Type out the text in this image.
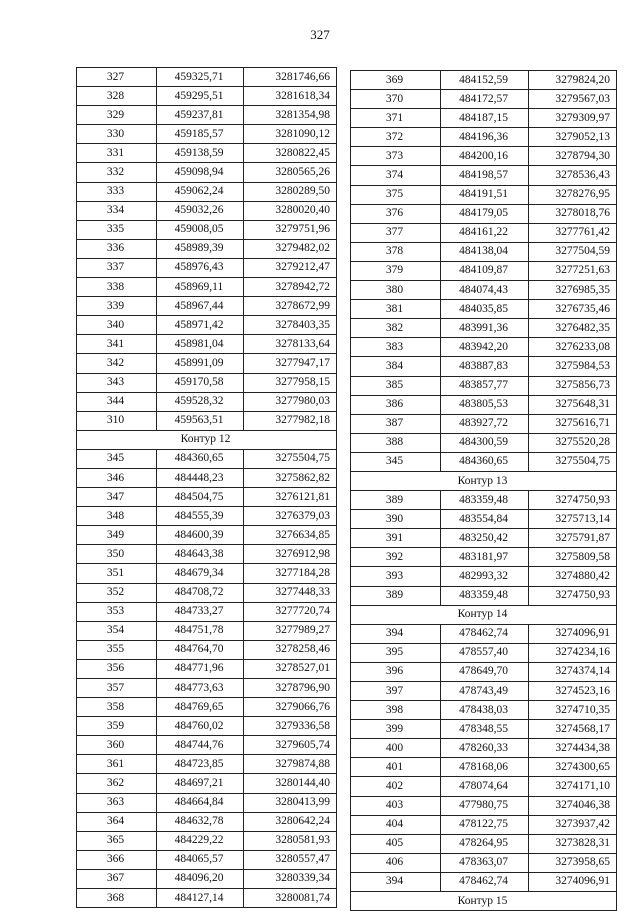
327
327	459325,71	3281746,66
328	459295,51	3281618,34
329	459237,81	3281354,98
330	459185,57	3281090,12
331	459138,59	3280822,45
332	459098,94	3280565,26
333	459062,24	3280289,50
334	459032,26	3280020,40
335	459008,05	3279751,96
336	458989,39	3279482,02
337	458976,43	3279212,47
338	458969,11	3278942,72
339	458967,44	3278672,99
340	458971,42	3278403,35
341	458981,04	3278133,64
342	458991,09	3277947,17
343	459170,58	3277958,15
344	459528,32	3277980,03
310	459563,51	3277982,18
Контур 12		
345	484360,65	3275504,75
346	484448,23	3275862,82
347	484504,75	3276121,81
348	484555,39	3276379,03
349	484600,39	3276634,85
350	484643,38	3276912,98
351	484679,34	3277184,28
352	484708,72	3277448,33
353	484733,27	3277720,74
354	484751,78	3277989,27
355	484764,70	3278258,46
356	484771,96	3278527,01
357	484773,63	3278796,90
358	484769,65	3279066,76
359	484760,02	3279336,58
360	484744,76	3279605,74
361	484723,85	3279874,88
362	484697,21	3280144,40
363	484664,84	3280413,99
364	484632,78	3280642,24
365	484229,22	3280581,93
366	484065,57	3280557,47
367	484096,20	3280339,34
368	484127,14	3280081,74
369	484152,59	3279824,20
370	484172,57	3279567,03
371	484187,15	3279309,97
372	484196,36	3279052,13
373	484200,16	3278794,30
374	484198,57	3278536,43
375	484191,51	3278276,95
376	484179,05	3278018,76
377	484161,22	3277761,42
378	484138,04	3277504,59
379	484109,87	3277251,63
380	484074,43	3276985,35
381	484035,85	3276735,46
382	483991,36	3276482,35
383	483942,20	3276233,08
384	483887,83	3275984,53
385	483857,77	3275856,73
386	483805,53	3275648,31
387	483927,72	3275616,71
388	484300,59	3275520,28
345	484360,65	3275504,75
Контур 13		
389	483359,48	3274750,93
390	483554,84	3275713,14
391	483250,42	3275791,87
392	483181,97	3275809,58
393	482993,32	3274880,42
389	483359,48	3274750,93
Контур 14		
394	478462,74	3274096,91
395	478557,40	3274234,16
396	478649,70	3274374,14
397	478743,49	3274523,16
398	478438,03	3274710,35
399	478348,55	3274568,17
400	478260,33	3274434,38
401	478168,06	3274300,65
402	478074,64	3274171,10
403	477980,75	3274046,38
404	478122,75	3273937,42
405	478264,95	3273828,31
406	478363,07	3273958,65
394	478462,74	3274096,91
Контур 15		
